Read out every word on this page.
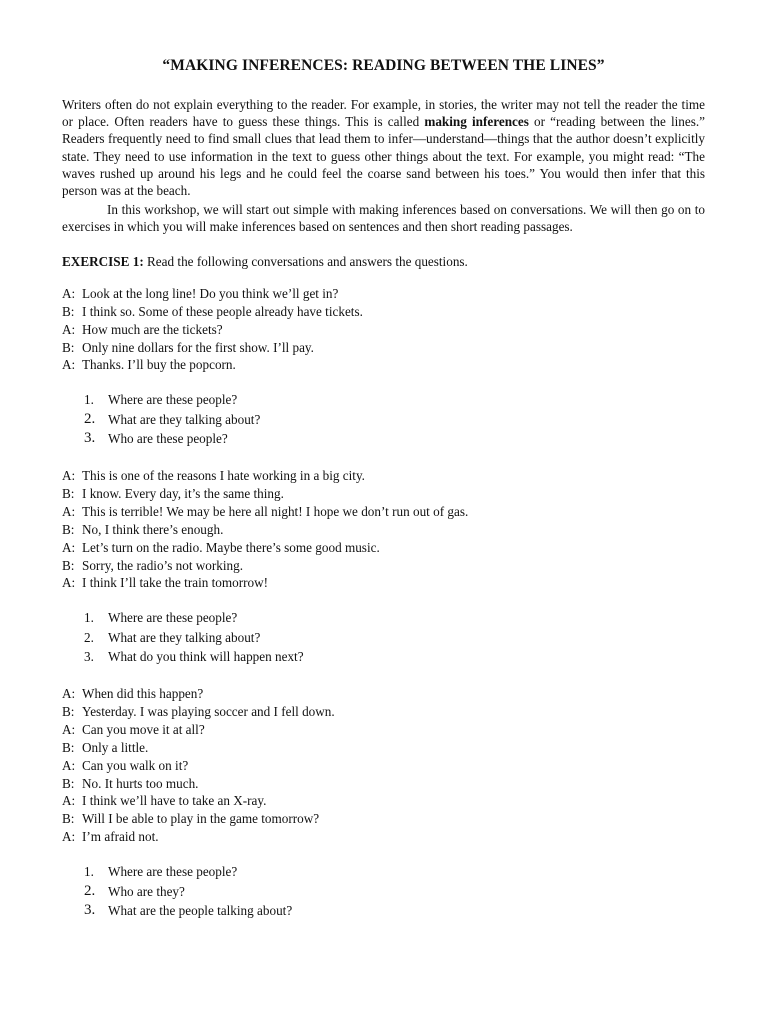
“MAKING INFERENCES: READING BETWEEN THE LINES”

Writers often do not explain everything to the reader. For example, in stories, the writer may not tell the reader the time or place. Often readers have to guess these things. This is called making inferences or “reading between the lines.” Readers frequently need to find small clues that lead them to infer—understand—things that the author doesn’t explicitly state. They need to use information in the text to guess other things about the text. For example, you might read: “The waves rushed up around his legs and he could feel the coarse sand between his toes.” You would then infer that this person was at the beach.

In this workshop, we will start out simple with making inferences based on conversations. We will then go on to exercises in which you will make inferences based on sentences and then short reading passages.

EXERCISE 1: Read the following conversations and answers the questions.
A: Look at the long line! Do you think we’ll get in?
B: I think so. Some of these people already have tickets.
A: How much are the tickets?
B: Only nine dollars for the first show. I’ll pay.
A: Thanks. I’ll buy the popcorn.
1.	Where are these people?
2. What are they talking about?
3. Who are these people?
A: This is one of the reasons I hate working in a big city.
B: I know. Every day, it’s the same thing.
A: This is terrible! We may be here all night! I hope we don’t run out of gas.
B: No, I think there’s enough.
A: Let’s turn on the radio. Maybe there’s some good music.
B: Sorry, the radio’s not working.
A: I think I’ll take the train tomorrow!
1.	Where are these people?
2.	What are they talking about?
3.	What do you think will happen next?
A: When did this happen?
B: Yesterday. I was playing soccer and I fell down.
A: Can you move it at all?
B: Only a little.
A: Can you walk on it?
B: No. It hurts too much.
A: I think we’ll have to take an X-ray.
B: Will I be able to play in the game tomorrow?
A: I’m afraid not.
1.	Where are these people?
2. Who are they?
3. What are the people talking about?
